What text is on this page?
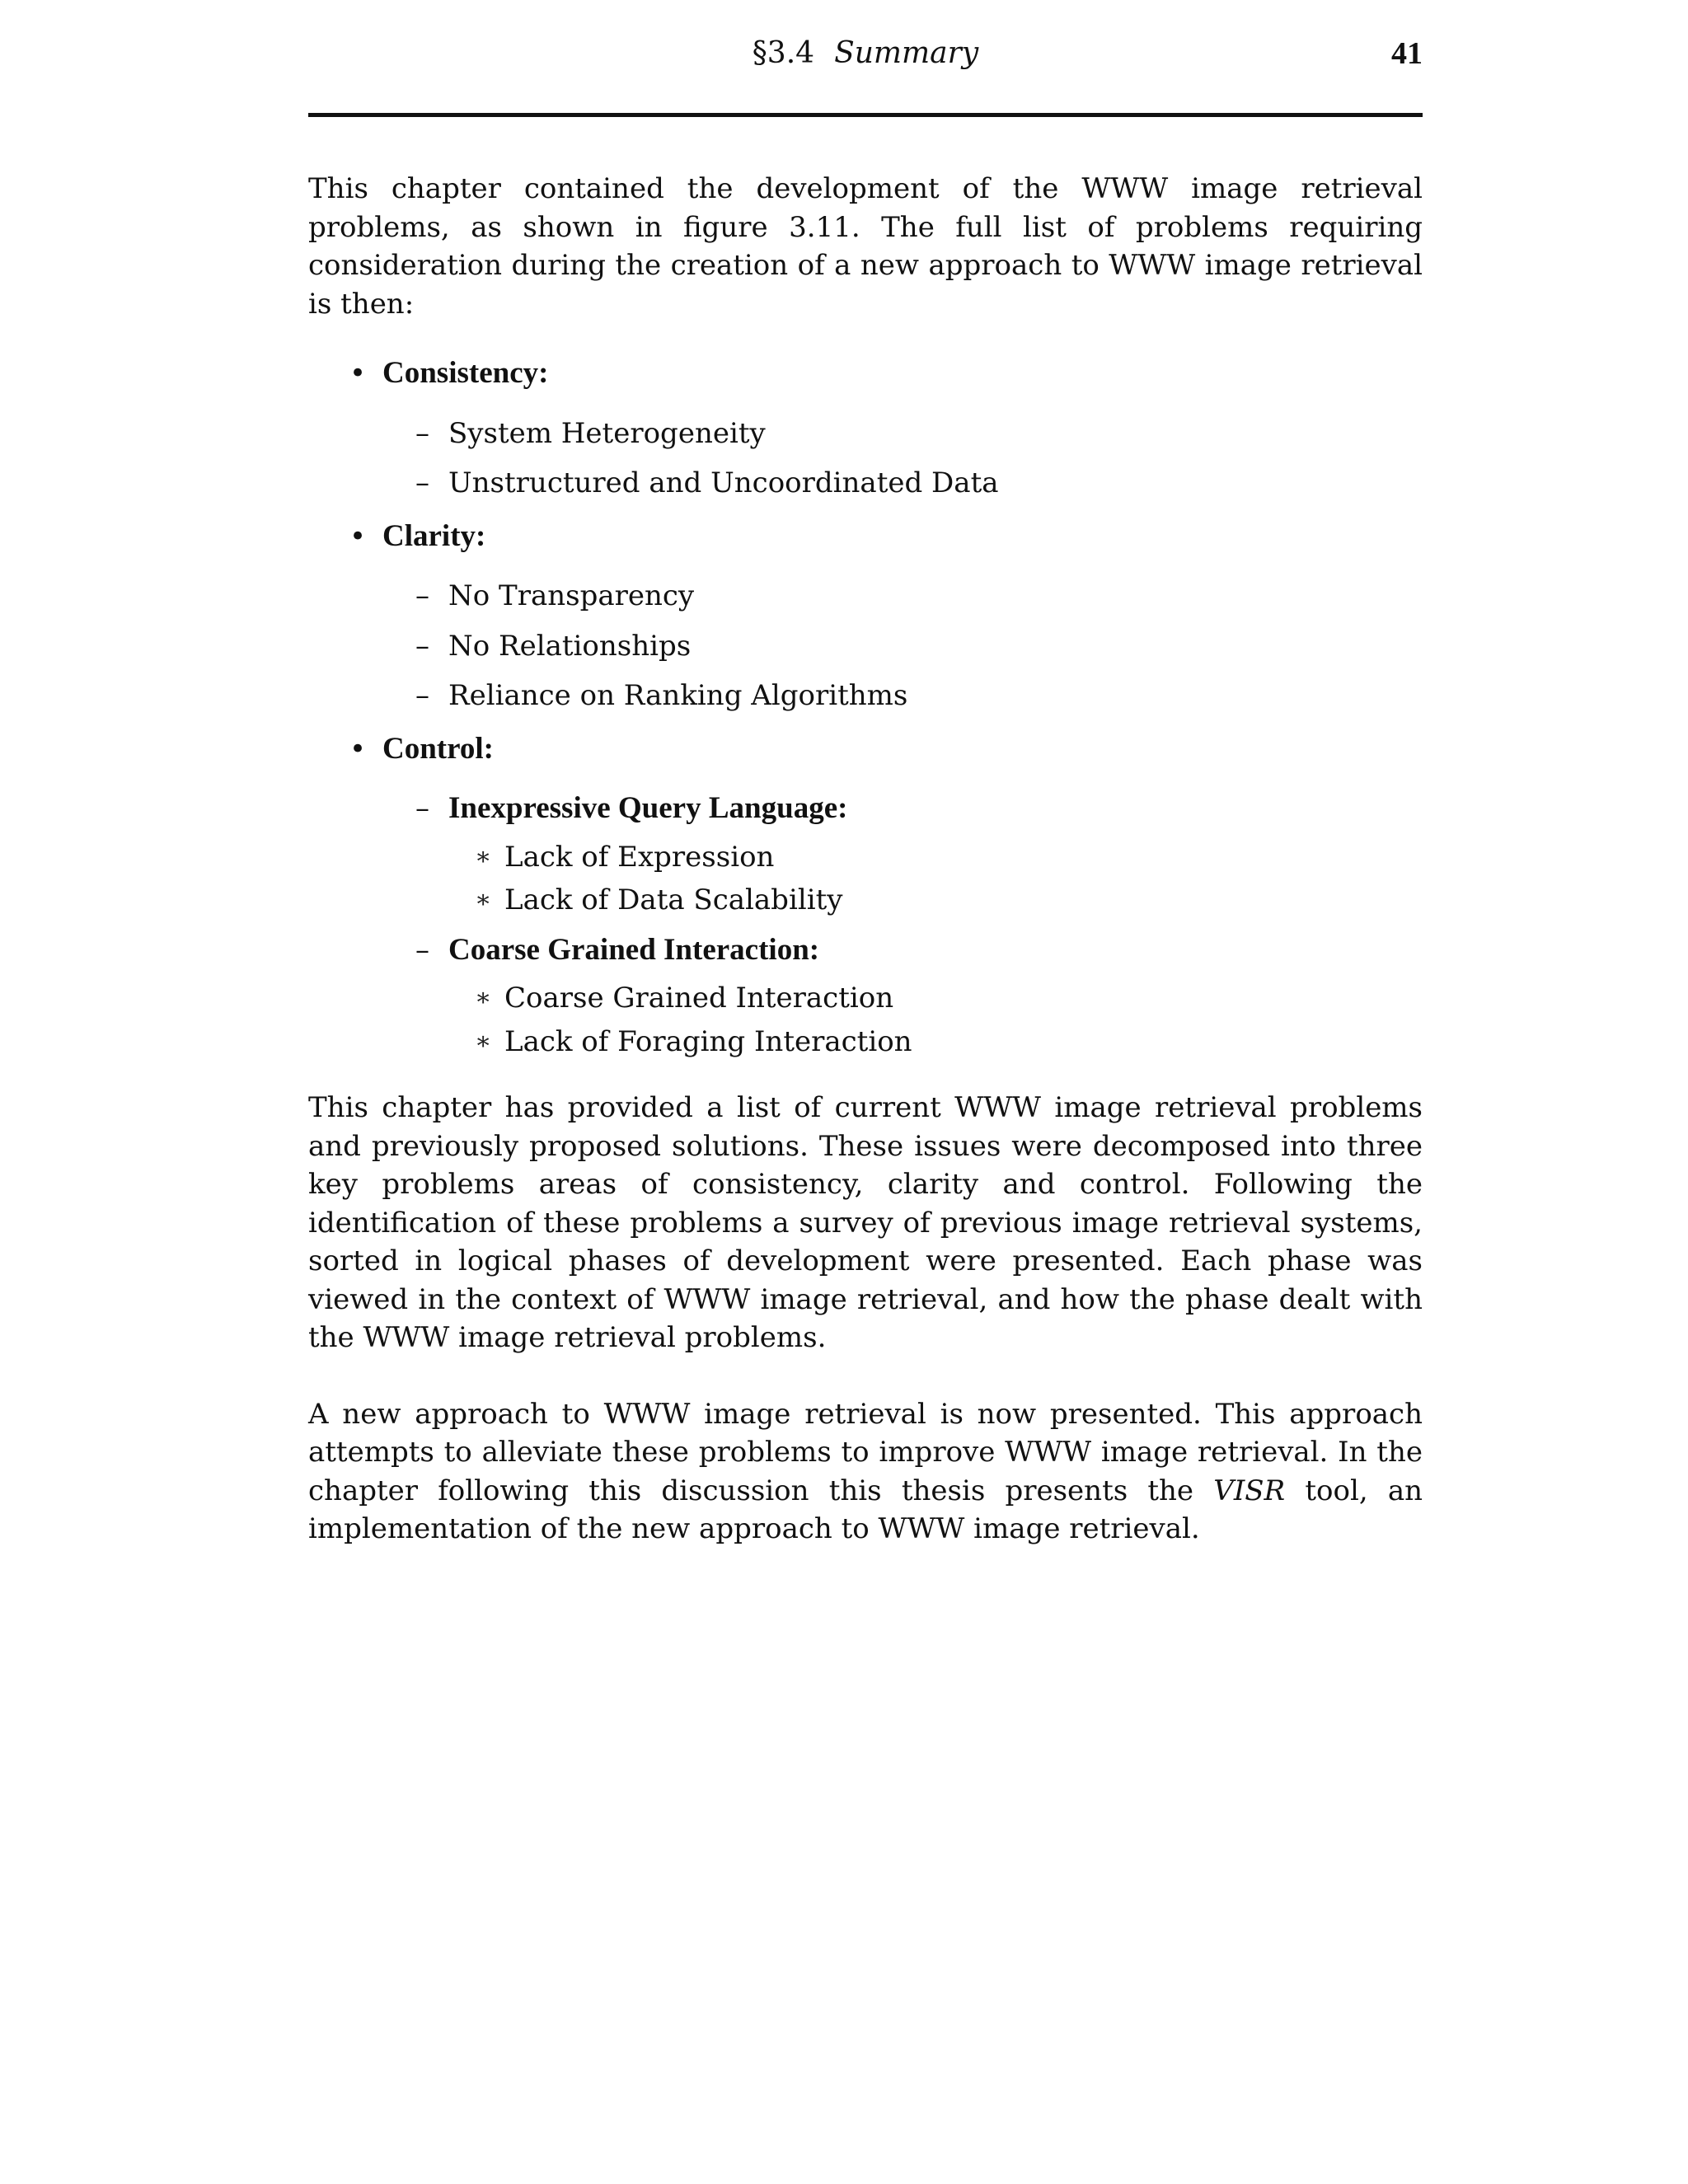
§3.4 Summary	41

This chapter contained the development of the WWW image retrieval problems, as shown in figure 3.11. The full list of problems requiring consideration during the creation of a new approach to WWW image retrieval is then:

• Consistency:
– System Heterogeneity
– Unstructured and Uncoordinated Data
• Clarity:
– No Transparency
– No Relationships
– Reliance on Ranking Algorithms
• Control:
– Inexpressive Query Language:
∗ Lack of Expression
∗ Lack of Data Scalability
– Coarse Grained Interaction:
∗ Coarse Grained Interaction
∗ Lack of Foraging Interaction

This chapter has provided a list of current WWW image retrieval problems and previously proposed solutions. These issues were decomposed into three key problems areas of consistency, clarity and control. Following the identification of these problems a survey of previous image retrieval systems, sorted in logical phases of development were presented. Each phase was viewed in the context of WWW image retrieval, and how the phase dealt with the WWW image retrieval problems.

A new approach to WWW image retrieval is now presented. This approach attempts to alleviate these problems to improve WWW image retrieval. In the chapter following this discussion this thesis presents the VISR tool, an implementation of the new approach to WWW image retrieval.
